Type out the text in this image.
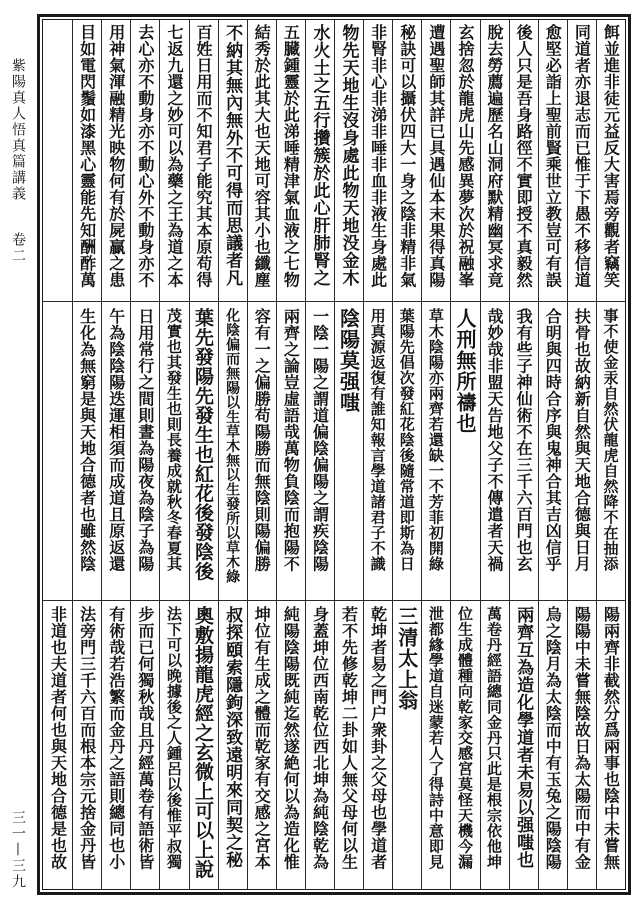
紫陽真人悟真篇講義
卷二
三一—三九
餌並進非徒元益反大害焉旁觀者竊笑
同道者亦退志而已惟于下愚不移信道
愈堅必詣上聖前賢乘世立教豈可有誤
後人只是吾身路徑不實即授不真毅然
脫去勞薦遍歷名山洞府默精幽冥求竟
玄捨忽於龍虎山先感異夢次於祝融峯
遭遇聖師其詳已具遇仙本末果得真陽
秘訣可以攝伏四大一身之陰非精非氣
非腎非心非涕非唾非血非液生身處此
物先天地生沒身處此物天地没金木
水火土之五行攢簇於此心肝肺腎之
五臓鍾靈於此涕唾精津氣血液之七物
結秀於此其大也天地可容其小也纖塵
不納其無內無外不可得而思議者凡
百姓日用而不知君子能究其本原苟得
七返九還之妙可以為藥之王為道之本
去心亦不動身亦不動心外不動身亦不
用神氣渾融精光映物何有於屍贏之患
目如電閃鬚如漆黑心靈能先知酬酢萬
事不使金汞自然伏龍虎自然降不在抽添
扶骨也故納新自然與天地合德與日月
合明與四時合序與鬼神合其吉凶信乎
我有些子神仙術不在三千六百門也玄
哉妙哉非盟天告地父子不傳遣者天禍
人刑無所禱也
草木陰陽亦兩齊若還缺一不芳菲初開綠
葉陽先倡次發紅花陰後隨常道即斯為日
用真源返復有誰知報言學道諸君子不識
陰陽莫强嗤
一陰一陽之謂道偏陰偏陽之謂疾陰陽
兩齊之論豈虛語哉萬物負陰而抱陽不
容有一之偏勝苟陽勝而無陰則陽偏勝
化陰偏而無陽以生草木無以生發所以草木綠
葉先發陽先發生也紅花後發陰後
茂實也其發生也則長養成就秋冬春夏其
日用常行之間則晝為陽夜為陰子為陽
午為陰陰陽迭運相須而成道且原返還
生化為無窮是與天地合德者也雖然陰
陽兩齊非截然分爲兩事也陰中未嘗無
陽陽中未嘗無陰故日為太陽而中有金
烏之陰月為太陰而中有玉兔之陽陰陽
兩齊互為造化學道者未易以强嗤也
萬卷丹經語總同金丹只此是根宗依他坤
位生成體種向乾家交感宮莫怪天機今漏
泄都緣學道自迷蒙若人了得詩中意即見
三清太上翁
乾坤者易之門户衆卦之父母也學道者
若不先修乾坤二卦如人無父母何以生
身蓋坤位西南乾位西北坤為純陰乾為
純陽陰陽既純迄然遂絶何以為造化惟
坤位有生成之體而乾家有交感之宮本
叔探頤索隱鉤深致遠明來同契之秘
奧敷揚龍虎經之玄微上可以上說
法下可以晚據後之人鍾呂以後惟平叔獨
步而已何獨秋哉且丹經萬卷有語術皆
有術哉若浩繁而金丹之語則總同也小
法旁門三千六百而根本宗元捨金丹皆
非道也夫道者何也與天地合德是也故
